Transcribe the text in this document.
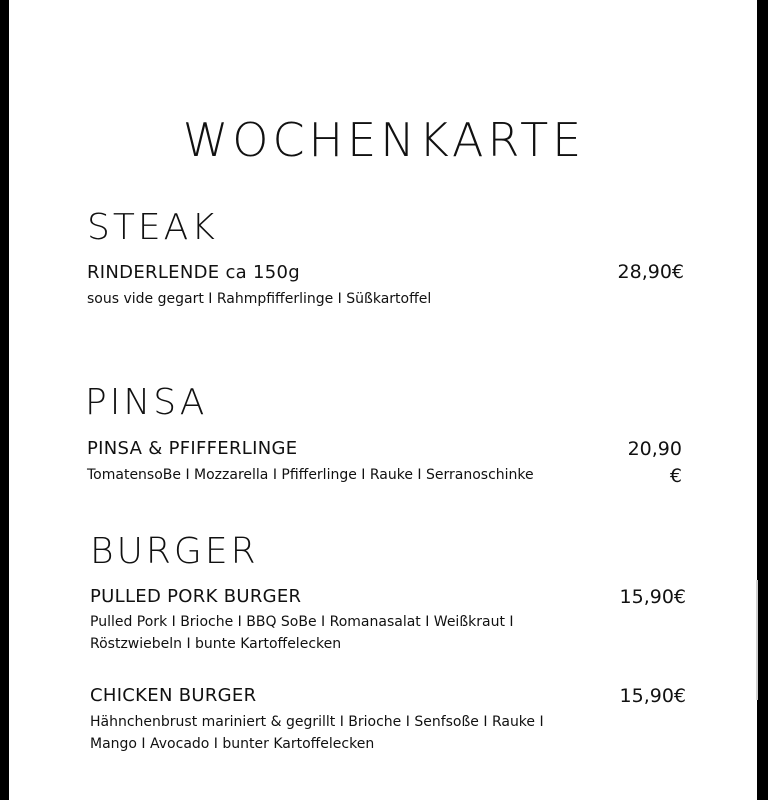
WOCHENKARTE
STEAK
RINDERLENDE ca 150g
sous vide gegart I Rahmpfifferlinge I Süßkartoffel
28,90€
PINSA
PINSA & PFIFFERLINGE
TomatensoBe I Mozzarella I Pfifferlinge I Rauke I Serranoschinke
20,90
€
BURGER
PULLED PORK BURGER
Pulled Pork I Brioche I BBQ SoBe I Romanasalat I Weißkraut I
Röstzwiebeln I bunte Kartoffelecken
15,90€
CHICKEN BURGER
Hähnchenbrust mariniert & gegrillt I Brioche I Senfsoße I Rauke I
Mango I Avocado I bunter Kartoffelecken
15,90€
